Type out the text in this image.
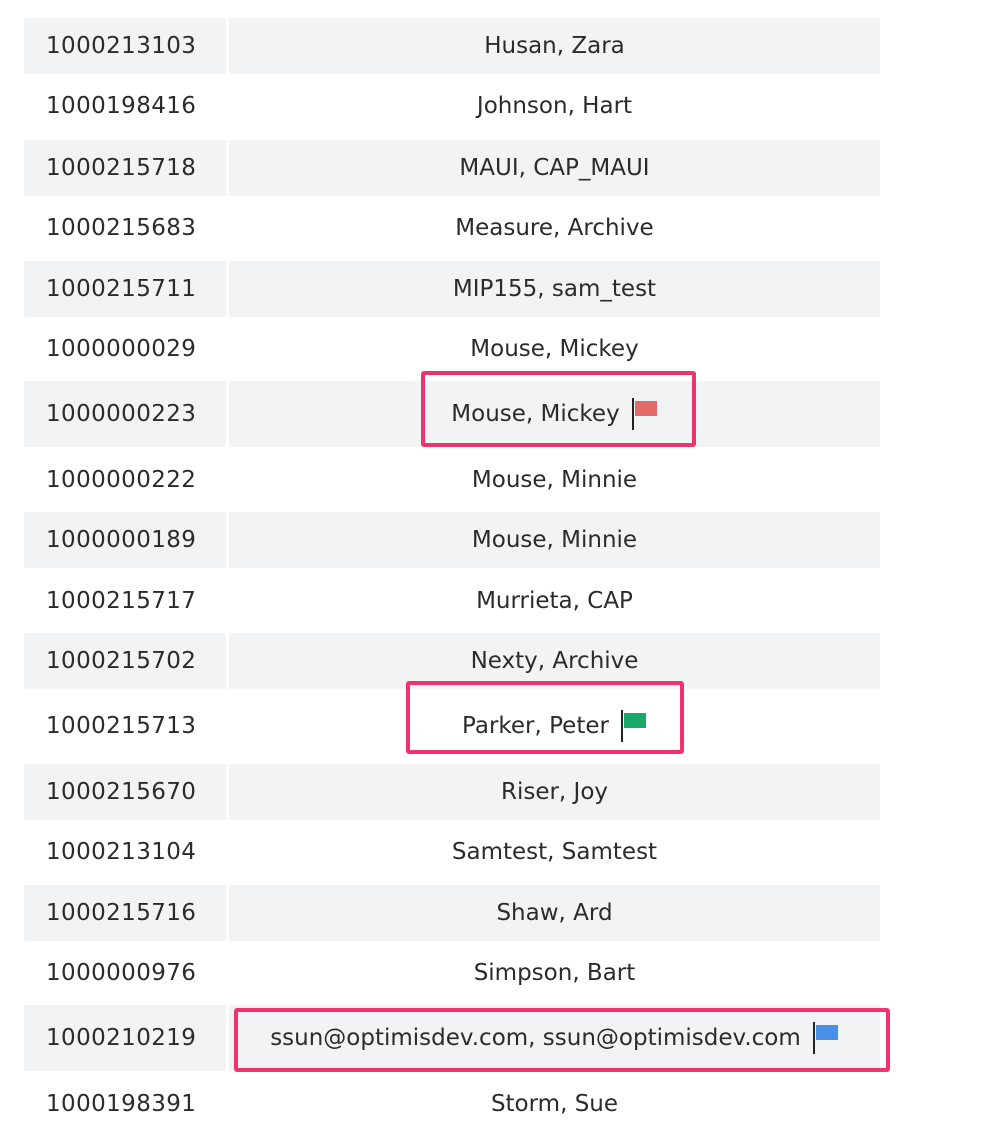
1000213103	Husan, Zara
1000198416	Johnson, Hart
1000215718	MAUI, CAP_MAUI
1000215683	Measure, Archive
1000215711	MIP155, sam_test
1000000029	Mouse, Mickey
1000000223	Mouse, Mickey
1000000222	Mouse, Minnie
1000000189	Mouse, Minnie
1000215717	Murrieta, CAP
1000215702	Nexty, Archive
1000215713	Parker, Peter
1000215670	Riser, Joy
1000213104	Samtest, Samtest
1000215716	Shaw, Ard
1000000976	Simpson, Bart
1000210219	ssun@optimisdev.com, ssun@optimisdev.com
1000198391	Storm, Sue
